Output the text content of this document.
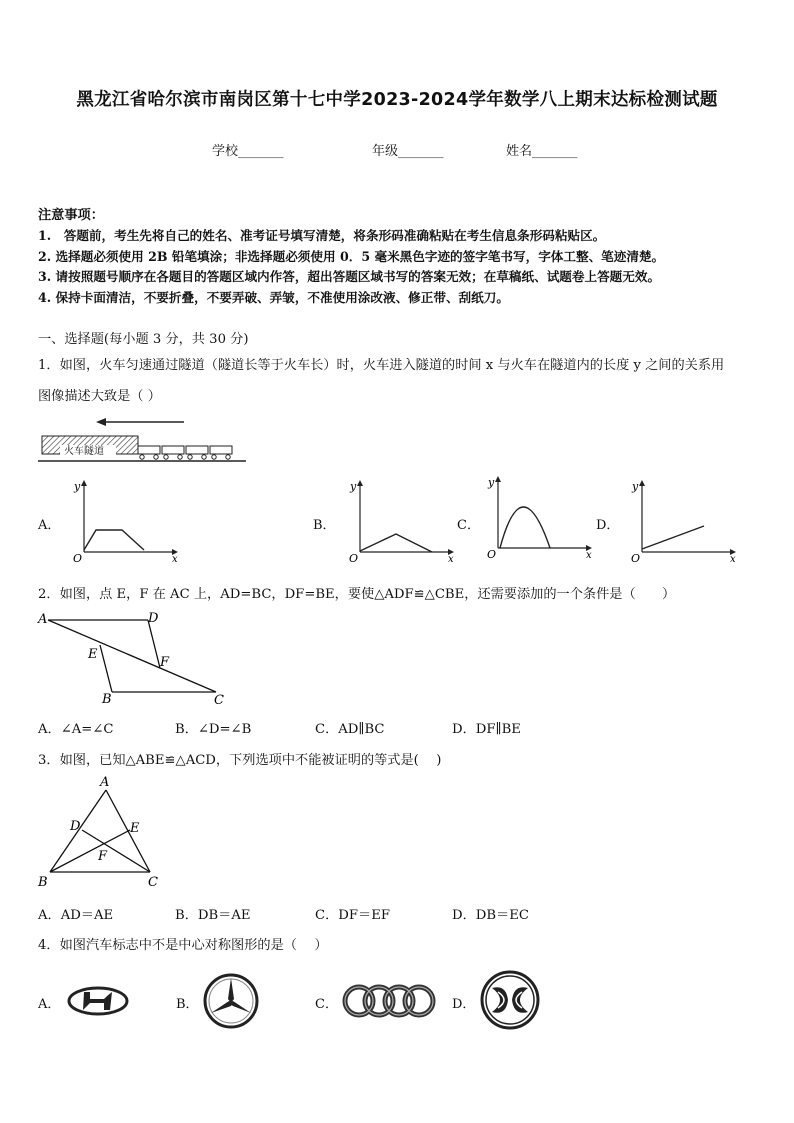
黑龙江省哈尔滨市南岗区第十七中学2023-2024学年数学八上期末达标检测试题
学校_______	年级_______	姓名_______
注意事项：
1.　答题前，考生先将自己的姓名、准考证号填写清楚，将条形码准确粘贴在考生信息条形码粘贴区。
2. 选择题必须使用 2B 铅笔填涂；非选择题必须使用 0．5 毫米黑色字迹的签字笔书写，字体工整、笔迹清楚。
3. 请按照题号顺序在各题目的答题区域内作答，超出答题区域书写的答案无效；在草稿纸、试题卷上答题无效。
4. 保持卡面清洁，不要折叠，不要弄破、弄皱，不准使用涂改液、修正带、刮纸刀。
一、选择题(每小题 3 分，共 30 分)
1．如图，火车匀速通过隧道（隧道长等于火车长）时，火车进入隧道的时间 x 与火车在隧道内的长度 y 之间的关系用
图像描述大致是（ ）
火车隧道
A．
y
O	x
B．
y
O	x
C．
y
O	x
D．
y
O	x
2．如图，点 E，F 在 AC 上，AD=BC，DF=BE，要使△ADF≌△CBE，还需要添加的一个条件是（　　）
A	D
E
F
B	C
A．∠A=∠C	B．∠D=∠B	C．AD∥BC	D．DF∥BE
3．如图，已知△ABE≌△ACD，下列选项中不能被证明的等式是(　 )
A
D	E
F
B	C
A．AD＝AE	B．DB＝AE	C．DF＝EF	D．DB＝EC
4．如图汽车标志中不是中心对称图形的是（　 ）
A．	B．	C．	D．
